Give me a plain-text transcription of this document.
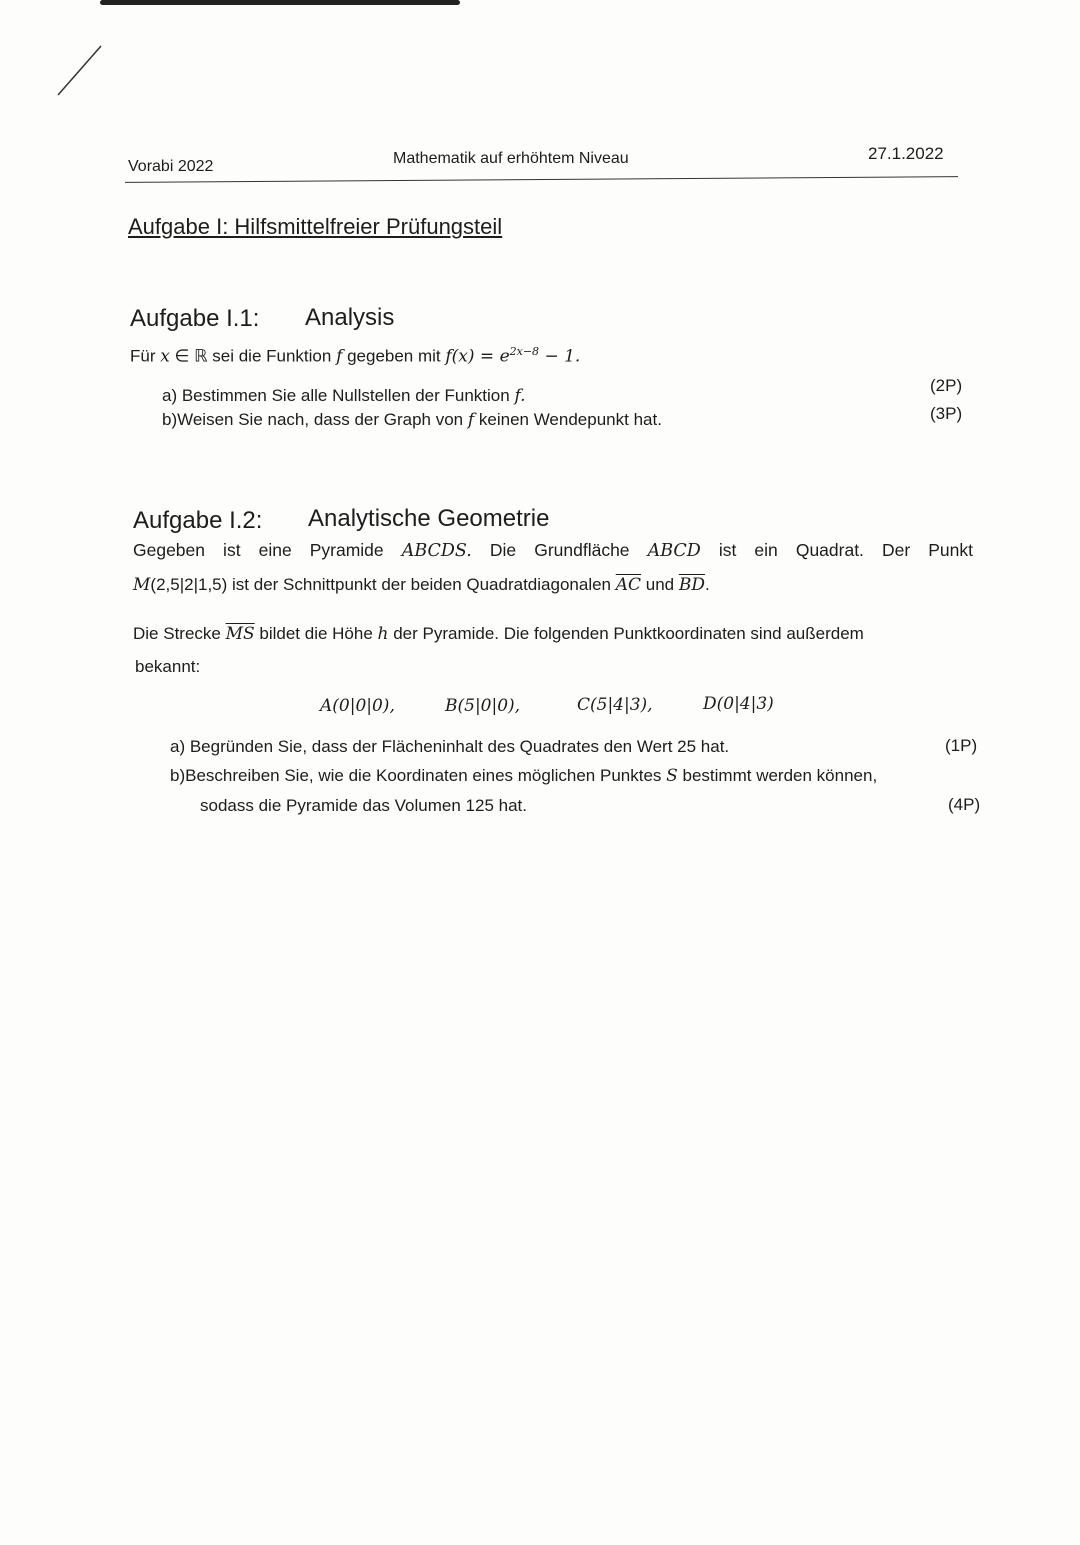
Vorabi 2022	Mathematik auf erhöhtem Niveau	27.1.2022
Aufgabe I: Hilfsmittelfreier Prüfungsteil
Aufgabe I.1: Analysis
Für x ∈ ℝ sei die Funktion f gegeben mit $f(x) = e^{2x-8} - 1$.
a) Bestimmen Sie alle Nullstellen der Funktion f.
(2P)
b)Weisen Sie nach, dass der Graph von f keinen Wendepunkt hat.	(3P)
Aufgabe I.2: Analytische Geometrie
Gegeben ist eine Pyramide ABCDS. Die Grundfläche ABCD ist ein Quadrat. Der Punkt
M(2,5|2|1,5) ist der Schnittpunkt der beiden Quadratdiagonalen $\overline{AC}$ und $\overline{BD}$.
Die Strecke $\overline{MS}$ bildet die Höhe h der Pyramide. Die folgenden Punktkoordinaten sind außerdem
bekannt:
A(0|0|0),	B(5|0|0),	C(5|4|3),	D(0|4|3)
a) Begründen Sie, dass der Flächeninhalt des Quadrates den Wert 25 hat.	(1P)
b)Beschreiben Sie, wie die Koordinaten eines möglichen Punktes S bestimmt werden können,
sodass die Pyramide das Volumen 125 hat.	(4P)
